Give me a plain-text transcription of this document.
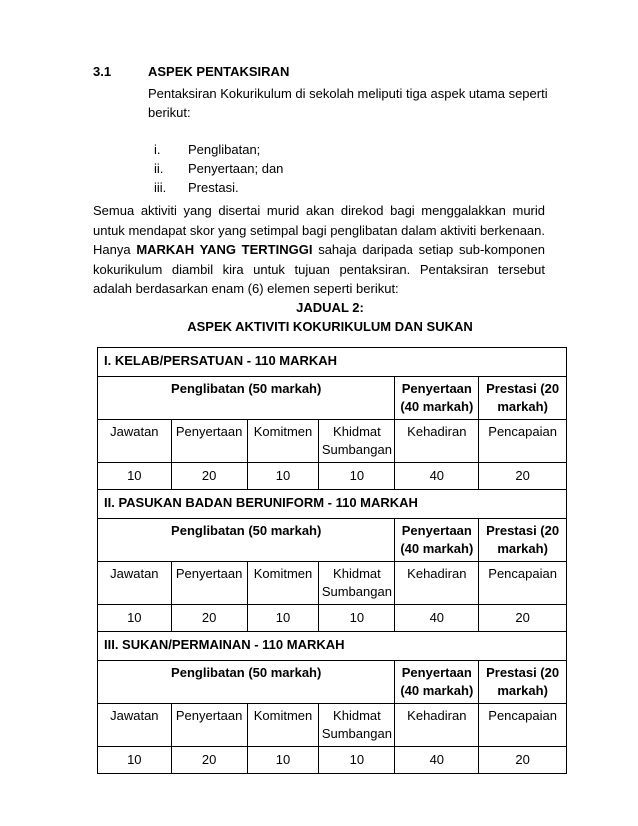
3.1	ASPEK PENTAKSIRAN
Pentaksiran Kokurikulum di sekolah meliputi tiga aspek utama seperti berikut:
i. Penglibatan;
ii. Penyertaan; dan
iii. Prestasi.
Semua aktiviti yang disertai murid akan direkod bagi menggalakkan murid untuk mendapat skor yang setimpal bagi penglibatan dalam aktiviti berkenaan. Hanya MARKAH YANG TERTINGGI sahaja daripada setiap sub-komponen kokurikulum diambil kira untuk tujuan pentaksiran. Pentaksiran tersebut adalah berdasarkan enam (6) elemen seperti berikut:
JADUAL 2:
ASPEK AKTIVITI KOKURIKULUM DAN SUKAN
I. KELAB/PERSATUAN - 110 MARKAH					
Penglibatan (50 markah)				Penyertaan (40 markah)	Prestasi (20 markah)
Jawatan	Penyertaan	Komitmen	Khidmat Sumbangan	Kehadiran	Pencapaian
10	20	10	10	40	20
II. PASUKAN BADAN BERUNIFORM - 110 MARKAH					
Penglibatan (50 markah)				Penyertaan (40 markah)	Prestasi (20 markah)
Jawatan	Penyertaan	Komitmen	Khidmat Sumbangan	Kehadiran	Pencapaian
10	20	10	10	40	20
III. SUKAN/PERMAINAN - 110 MARKAH					
Penglibatan (50 markah)				Penyertaan (40 markah)	Prestasi (20 markah)
Jawatan	Penyertaan	Komitmen	Khidmat Sumbangan	Kehadiran	Pencapaian
10	20	10	10	40	20
